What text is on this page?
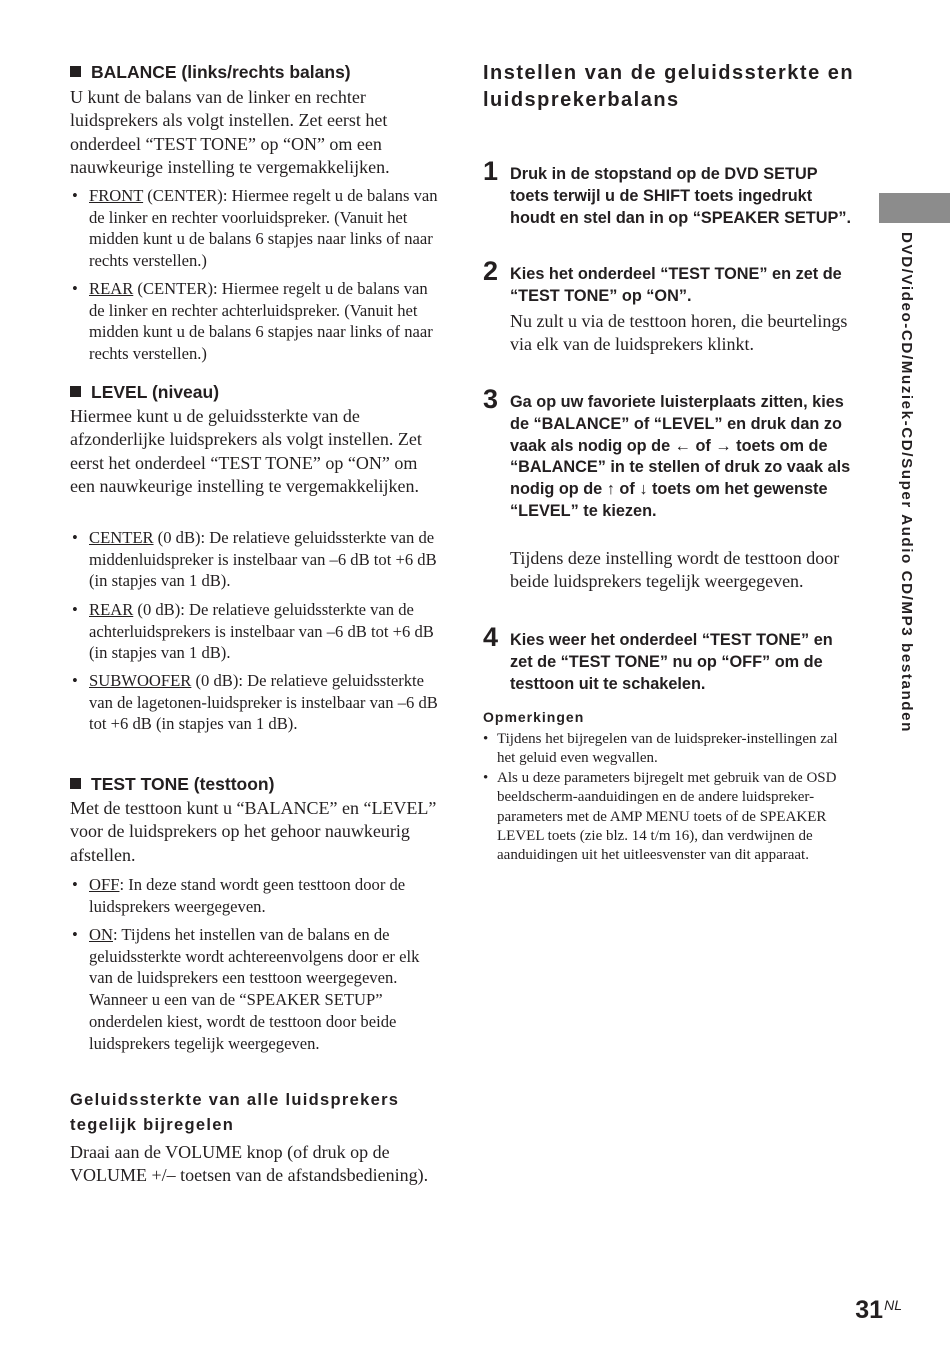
BALANCE (links/rechts balans)

U kunt de balans van de linker en rechter luidsprekers als volgt instellen. Zet eerst het onderdeel “TEST TONE” op “ON” om een nauwkeurige instelling te vergemakkelijken.

• FRONT (CENTER): Hiermee regelt u de balans van de linker en rechter voorluidspreker. (Vanuit het midden kunt u de balans 6 stapjes naar links of naar rechts verstellen.)
• REAR (CENTER): Hiermee regelt u de balans van de linker en rechter achterluidspreker. (Vanuit het midden kunt u de balans 6 stapjes naar links of naar rechts verstellen.)
LEVEL (niveau)

Hiermee kunt u de geluidssterkte van de afzonderlijke luidsprekers als volgt instellen. Zet eerst het onderdeel “TEST TONE” op “ON” om een nauwkeurige instelling te vergemakkelijken.

• CENTER (0 dB): De relatieve geluidssterkte van de middenluidspreker is instelbaar van –6 dB tot +6 dB (in stapjes van 1 dB).
• REAR (0 dB): De relatieve geluidssterkte van de achterluidsprekers is instelbaar van –6 dB tot +6 dB (in stapjes van 1 dB).
• SUBWOOFER (0 dB): De relatieve geluidssterkte van de lagetonen-luidspreker is instelbaar van –6 dB tot +6 dB (in stapjes van 1 dB).
TEST TONE (testtoon)

Met de testtoon kunt u “BALANCE” en “LEVEL” voor de luidsprekers op het gehoor nauwkeurig afstellen.

• OFF: In deze stand wordt geen testtoon door de luidsprekers weergegeven.
• ON: Tijdens het instellen van de balans en de geluidssterkte wordt achtereenvolgens door er elk van de luidsprekers een testtoon weergegeven. Wanneer u een van de “SPEAKER SETUP” onderdelen kiest, wordt de testtoon door beide luidsprekers tegelijk weergegeven.
Geluidssterkte van alle luidsprekers tegelijk bijregelen

Draai aan de VOLUME knop (of druk op de VOLUME +/– toetsen van de afstandsbediening).

Instellen van de geluidssterkte en luidsprekerbalans
1 Druk in de stopstand op de DVD SETUP toets terwijl u de SHIFT toets ingedrukt houdt en stel dan in op “SPEAKER SETUP”.

2 Kies het onderdeel “TEST TONE” en zet de “TEST TONE” op “ON”.

Nu zult u via de testtoon horen, die beurtelings via elk van de luidsprekers klinkt.

3 Ga op uw favoriete luisterplaats zitten, kies de “BALANCE” of “LEVEL” en druk dan zo vaak als nodig op de ← of → toets om de “BALANCE” in te stellen of druk zo vaak als nodig op de ↑ of ↓ toets om het gewenste “LEVEL” te kiezen.

Tijdens deze instelling wordt de testtoon door beide luidsprekers tegelijk weergegeven.

4 Kies weer het onderdeel “TEST TONE” en zet de “TEST TONE” nu op “OFF” om de testtoon uit te schakelen.

Opmerkingen
• Tijdens het bijregelen van de luidspreker-instellingen zal het geluid even wegvallen.
• Als u deze parameters bijregelt met gebruik van de OSD beeldscherm-aanduidingen en de andere luidspreker-parameters met de AMP MENU toets of de SPEAKER LEVEL toets (zie blz. 14 t/m 16), dan verdwijnen de aanduidingen uit het uitleesvenster van dit apparaat.
DVD/Video-CD/Muziek-CD/Super Audio CD/MP3 bestanden
31NL
